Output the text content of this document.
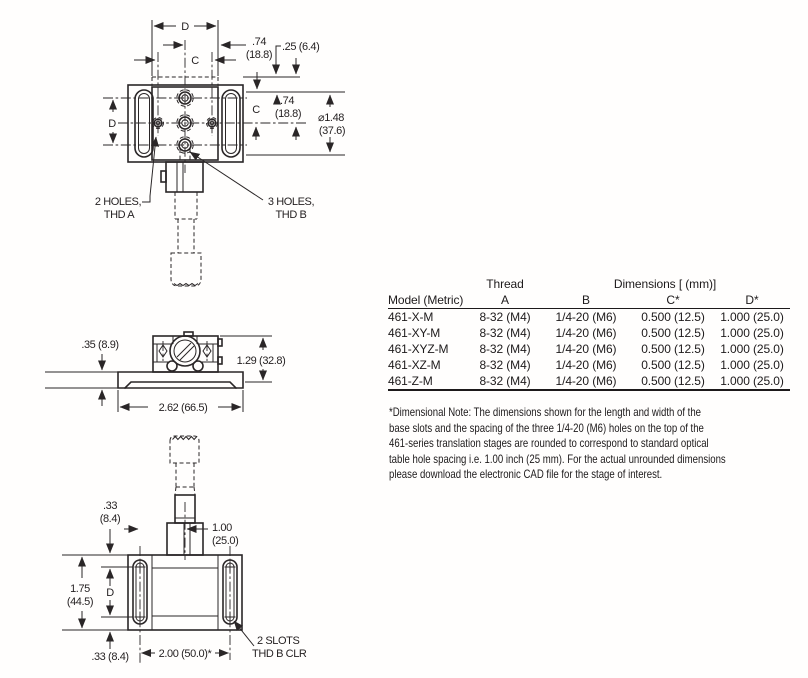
D
.74
(18.8)
C
.25 (6.4)
C
.74
(18.8) ⌀1.48
(37.6)
D
2 HOLES,
THD A
3 HOLES,
THD B
.35 (8.9)
1.29 (32.8)
2.62 (66.5)
.33
(8.4)
1.00
(25.0)
1.75
(44.5)
D
.33 (8.4)	2.00 (50.0)*
2 SLOTS
THD B CLR
	Thread	Dimensions [ (mm)]		
Model (Metric)	A	B	C*	D*
461-X-M	8-32 (M4)	1/4-20 (M6)	0.500 (12.5)	1.000 (25.0)
461-XY-M	8-32 (M4)	1/4-20 (M6)	0.500 (12.5)	1.000 (25.0)
461-XYZ-M	8-32 (M4)	1/4-20 (M6)	0.500 (12.5)	1.000 (25.0)
461-XZ-M	8-32 (M4)	1/4-20 (M6)	0.500 (12.5)	1.000 (25.0)
461-Z-M	8-32 (M4)	1/4-20 (M6)	0.500 (12.5)	1.000 (25.0)
*Dimensional Note: The dimensions shown for the length and width of the
base slots and the spacing of the three 1/4-20 (M6) holes on the top of the
461-series translation stages are rounded to correspond to standard optical
table hole spacing i.e. 1.00 inch (25 mm). For the actual unrounded dimensions
please download the electronic CAD file for the stage of interest.
